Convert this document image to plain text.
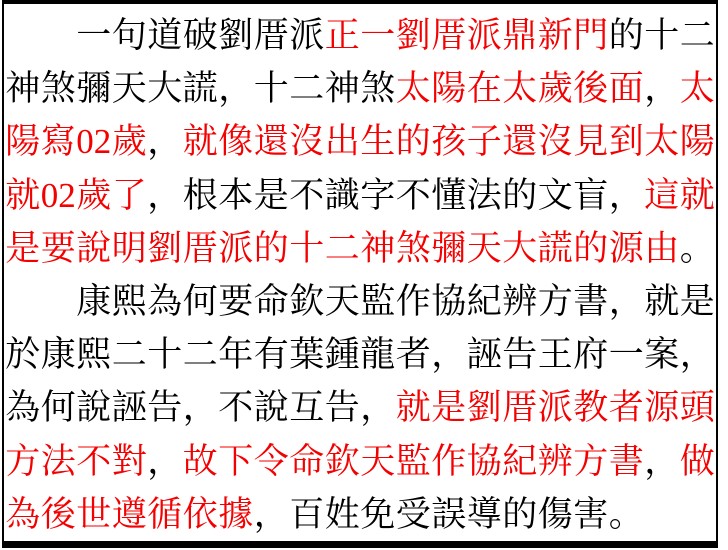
一 句 道 破 劉 厝 派 正 一 劉 厝 派 鼎 新 門 的 十 二
神 煞 彌 天 大 謊 ， 十 二 神 煞 太 陽 在 太 歲 後 面 ， 太
陽 寫 02 歲 ， 就 像 還 沒 出 生 的 孩 子 還 沒 見 到 太 陽
就 02 歲 了 ， 根 本 是 不 識 字 不 懂 法 的 文 盲 ， 這 就
是 要 說 明 劉 厝 派 的 十 二 神 煞 彌 天 大 謊 的 源 由 。
康 熙 為 何 要 命 欽 天 監 作 協 紀 辨 方 書 ， 就 是
於 康 熙 二 十 二 年 有 葉 鍾 龍 者 ， 誣 告 王 府 一 案 ，
為 何 說 誣 告 ， 不 說 互 告 ， 就 是 劉 厝 派 教 者 源 頭
方 法 不 對 ， 故 下 令 命 欽 天 監 作 協 紀 辨 方 書 ， 做
為 後 世 遵 循 依 據 ， 百 姓 免 受 誤 導 的 傷 害 。
